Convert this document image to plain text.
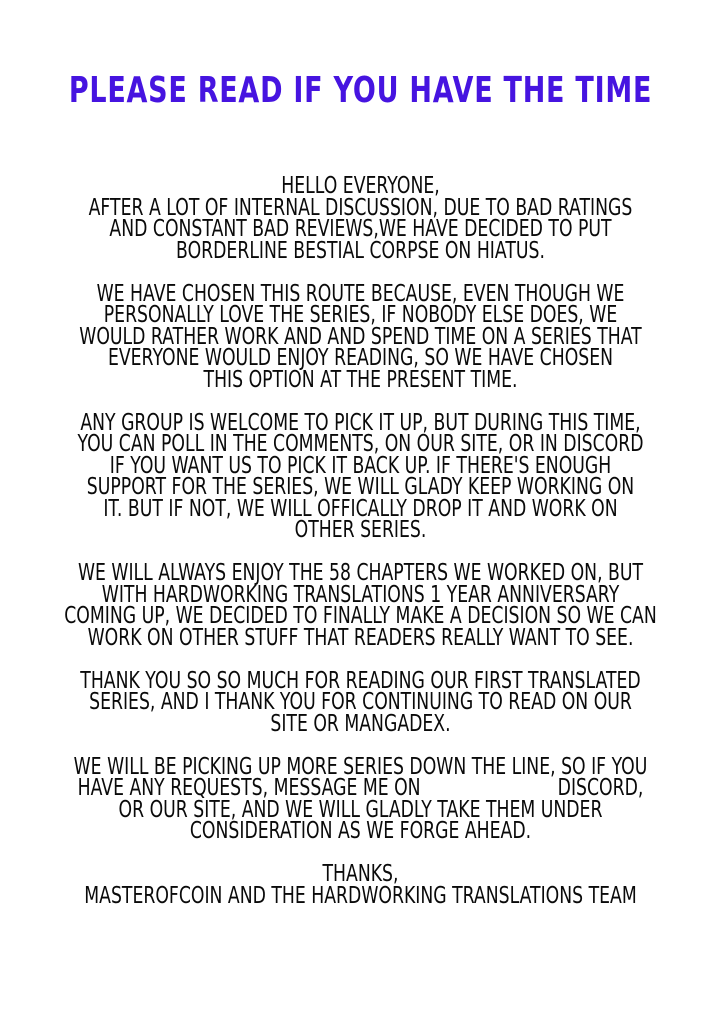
PLEASE READ IF YOU HAVE THE TIME
HELLO EVERYONE,
AFTER A LOT OF INTERNAL DISCUSSION, DUE TO BAD RATINGS
AND CONSTANT BAD REVIEWS,WE HAVE DECIDED TO PUT
BORDERLINE BESTIAL CORPSE ON HIATUS.
WE HAVE CHOSEN THIS ROUTE BECAUSE, EVEN THOUGH WE
PERSONALLY LOVE THE SERIES, IF NOBODY ELSE DOES, WE
WOULD RATHER WORK AND AND SPEND TIME ON A SERIES THAT
EVERYONE WOULD ENJOY READING, SO WE HAVE CHOSEN
THIS OPTION AT THE PRESENT TIME.
ANY GROUP IS WELCOME TO PICK IT UP, BUT DURING THIS TIME,
YOU CAN POLL IN THE COMMENTS, ON OUR SITE, OR IN DISCORD
IF YOU WANT US TO PICK IT BACK UP. IF THERE'S ENOUGH
SUPPORT FOR THE SERIES, WE WILL GLADY KEEP WORKING ON
IT. BUT IF NOT, WE WILL OFFICALLY DROP IT AND WORK ON
OTHER SERIES.
WE WILL ALWAYS ENJOY THE 58 CHAPTERS WE WORKED ON, BUT
WITH HARDWORKING TRANSLATIONS 1 YEAR ANNIVERSARY
COMING UP, WE DECIDED TO FINALLY MAKE A DECISION SO WE CAN
WORK ON OTHER STUFF THAT READERS REALLY WANT TO SEE.
THANK YOU SO SO MUCH FOR READING OUR FIRST TRANSLATED
SERIES, AND I THANK YOU FOR CONTINUING TO READ ON OUR
SITE OR MANGADEX.
WE WILL BE PICKING UP MORE SERIES DOWN THE LINE, SO IF YOU
HAVE ANY REQUESTS, MESSAGE ME ON                         DISCORD,
OR OUR SITE, AND WE WILL GLADLY TAKE THEM UNDER
CONSIDERATION AS WE FORGE AHEAD.
THANKS,
MASTEROFCOIN AND THE HARDWORKING TRANSLATIONS TEAM
